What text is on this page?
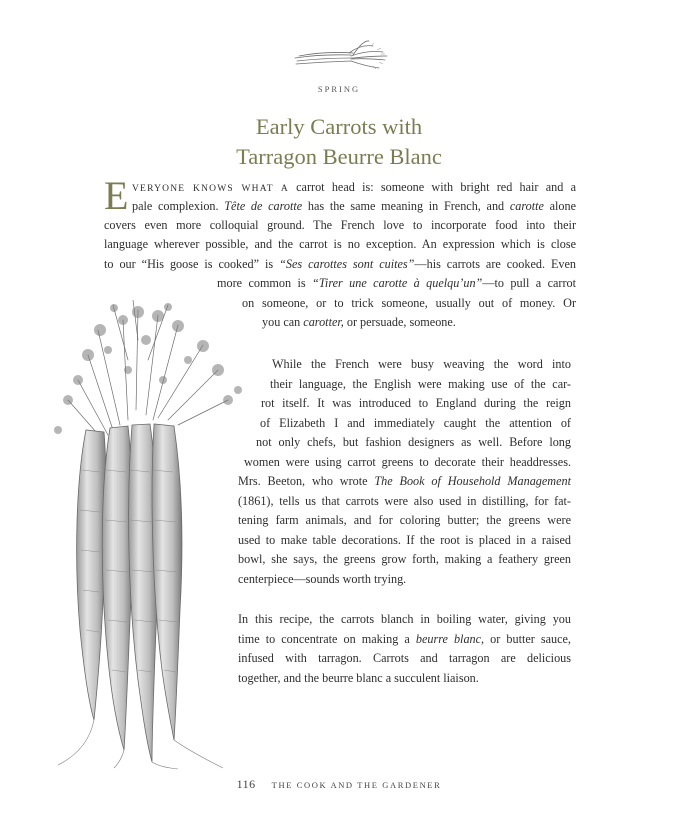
SPRING
Early Carrots with
Tarragon Beurre Blanc
E VERYONE KNOWS WHAT A carrot head is: someone with bright red hair and a
pale complexion. Tête de carotte has the same meaning in French, and carotte alone
covers even more colloquial ground. The French love to incorporate food into their
language wherever possible, and the carrot is no exception. An expression which is close
to our “His goose is cooked” is “Ses carottes sont cuites”—his carrots are cooked. Even
more common is “Tirer une carotte à quelqu’un”—to pull a carrot
on someone, or to trick someone, usually out of money. Or
you can carotter, or persuade, someone.
While the French were busy weaving the word into
their language, the English were making use of the car-
rot itself. It was introduced to England during the reign
of Elizabeth I and immediately caught the attention of
not only chefs, but fashion designers as well. Before long
women were using carrot greens to decorate their headdresses.
Mrs. Beeton, who wrote The Book of Household Management
(1861), tells us that carrots were also used in distilling, for fat-
tening farm animals, and for coloring butter; the greens were
used to make table decorations. If the root is placed in a raised
bowl, she says, the greens grow forth, making a feathery green
centerpiece—sounds worth trying.
In this recipe, the carrots blanch in boiling water, giving you
time to concentrate on making a beurre blanc, or butter sauce,
infused with tarragon. Carrots and tarragon are delicious
together, and the beurre blanc a succulent liaison.
116 THE COOK AND THE GARDENER
